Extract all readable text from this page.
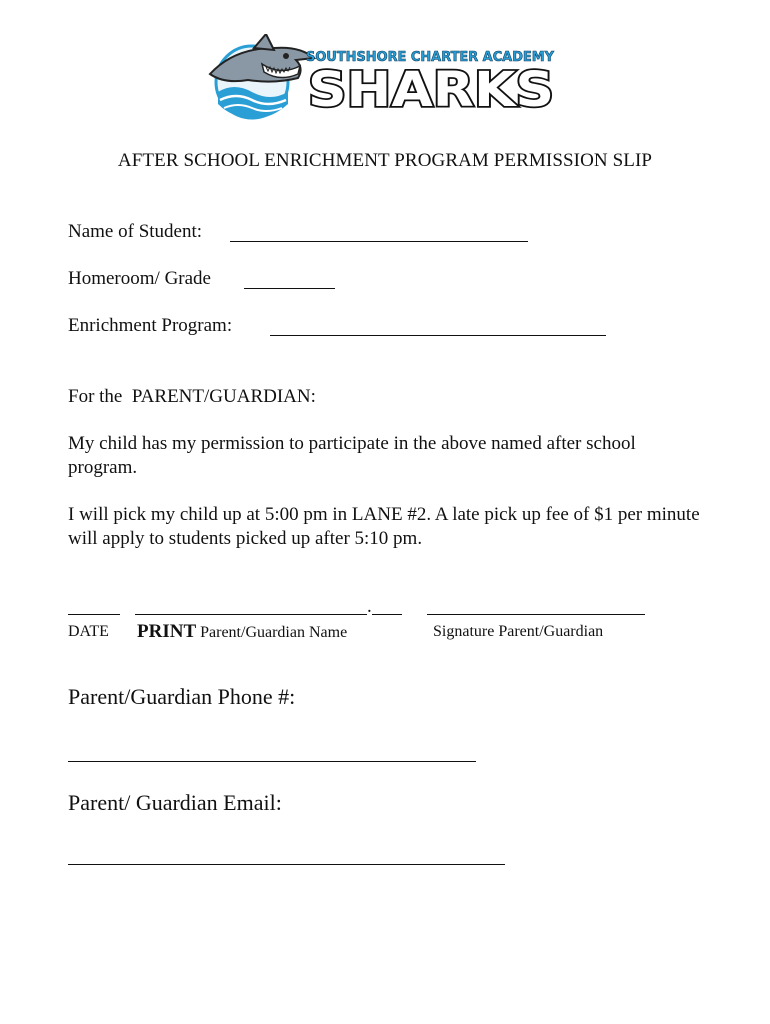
SOUTHSHORE CHARTER ACADEMY
SHARKS
AFTER SCHOOL ENRICHMENT PROGRAM PERMISSION SLIP
Name of Student:
Homeroom/ Grade
Enrichment Program:
For the  PARENT/GUARDIAN:
My child has my permission to participate in the above named after school program.
I will pick my child up at 5:00 pm in LANE #2. A late pick up fee of $1 per minute will apply to students picked up after 5:10 pm.
.
DATE PRINT Parent/Guardian Name	Signature Parent/Guardian
Parent/Guardian Phone #:
Parent/ Guardian Email:
